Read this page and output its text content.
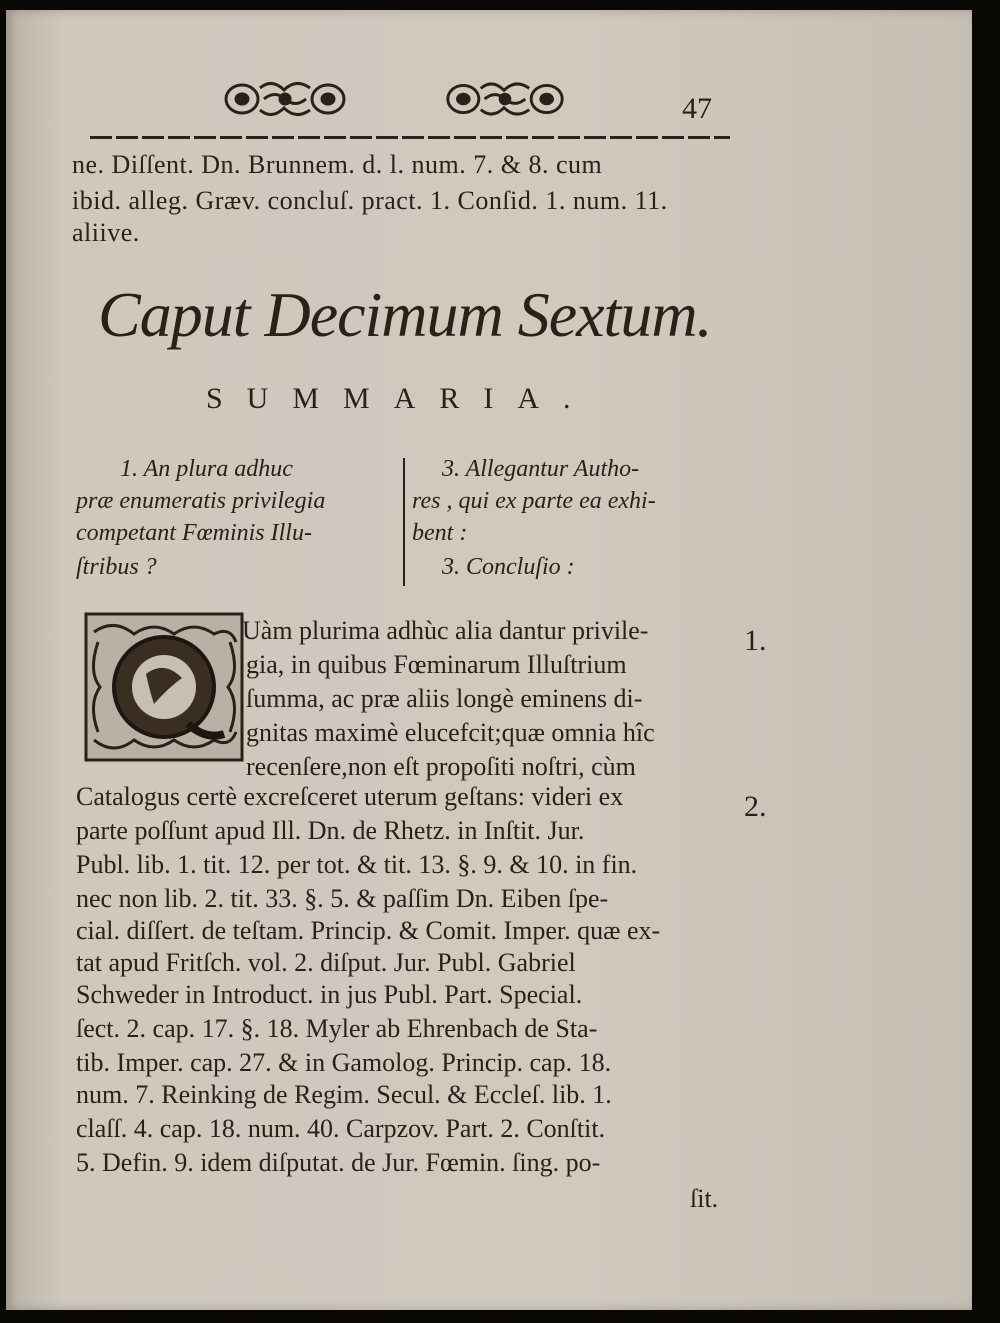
47
ne. Diſſent. Dn. Brunnem. d. l. num. 7. & 8. cum
ibid. alleg. Græv. concluſ. pract. 1. Conſid. 1. num. 11.
aliive.
Caput Decimum Sextum.
SUMMARIA.
1. An plura adhuc
præ enumeratis privilegia
competant Fœminis Illu-
ſtribus ?
3. Allegantur Autho-
res , qui ex parte ea exhi-
bent :
3. Concluſio :
Uàm plurima adhùc alia dantur privile-
gia, in quibus Fœminarum Illuſtrium
ſumma, ac præ aliis longè eminens di-
gnitas maximè elucefcit;quæ omnia hîc
recenſere,non eſt propoſiti noſtri, cùm
Catalogus certè excreſceret uterum geſtans: videri ex
parte poſſunt apud Ill. Dn. de Rhetz. in Inſtit. Jur.
Publ. lib. 1. tit. 12. per tot. & tit. 13. §. 9. & 10. in fin.
nec non lib. 2. tit. 33. §. 5. & paſſim Dn. Eiben ſpe-
cial. diſſert. de teſtam. Princip. & Comit. Imper. quæ ex-
tat apud Fritſch. vol. 2. diſput. Jur. Publ. Gabriel
Schweder in Introduct. in jus Publ. Part. Special.
ſect. 2. cap. 17. §. 18. Myler ab Ehrenbach de Sta-
tib. Imper. cap. 27. & in Gamolog. Princip. cap. 18.
num. 7. Reinking de Regim. Secul. & Eccleſ. lib. 1.
claſſ. 4. cap. 18. num. 40. Carpzov. Part. 2. Conſtit.
5. Defin. 9. idem diſputat. de Jur. Fœmin. ſing. po-
ſit.
1.
2.
